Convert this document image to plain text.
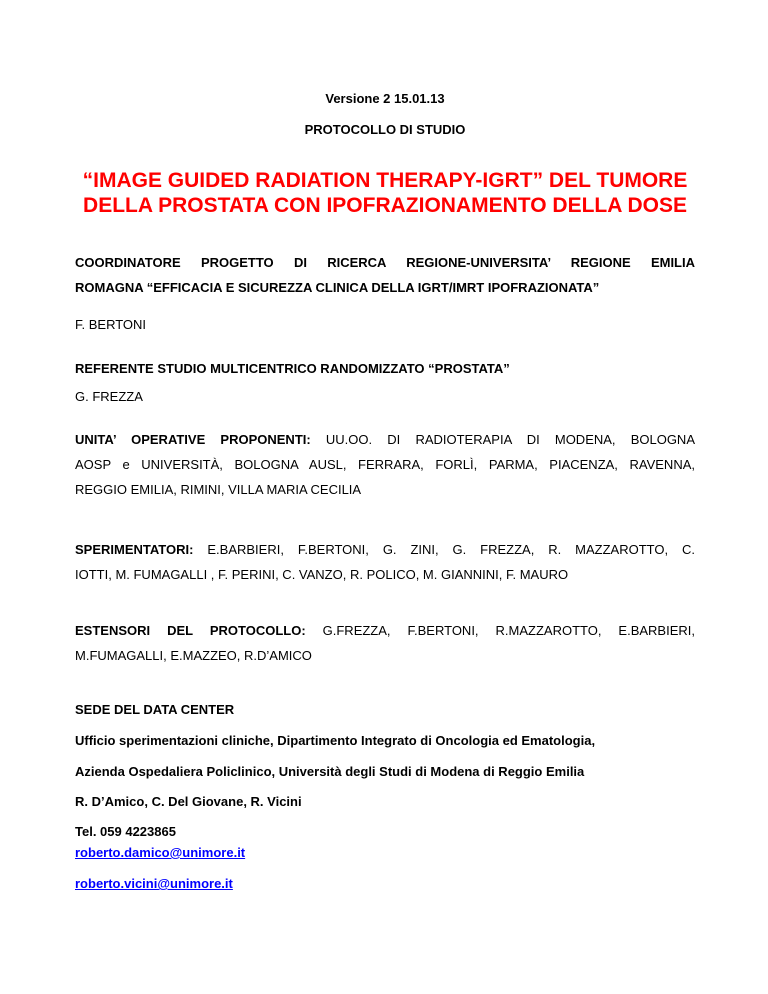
Versione 2 15.01.13
PROTOCOLLO DI STUDIO
“IMAGE GUIDED RADIATION THERAPY-IGRT” DEL TUMORE
DELLA PROSTATA CON IPOFRAZIONAMENTO DELLA DOSE
COORDINATORE PROGETTO DI RICERCA REGIONE-UNIVERSITA’ REGIONE EMILIA
ROMAGNA “EFFICACIA E SICUREZZA CLINICA DELLA IGRT/IMRT IPOFRAZIONATA”
F. BERTONI
REFERENTE STUDIO MULTICENTRICO RANDOMIZZATO “PROSTATA”
G. FREZZA
UNITA’ OPERATIVE PROPONENTI: UU.OO. DI RADIOTERAPIA DI MODENA, BOLOGNA
AOSP e UNIVERSITÀ, BOLOGNA AUSL, FERRARA, FORLÌ, PARMA, PIACENZA, RAVENNA,
REGGIO EMILIA, RIMINI, VILLA MARIA CECILIA
SPERIMENTATORI: E.BARBIERI, F.BERTONI, G. ZINI, G. FREZZA, R. MAZZAROTTO, C.
IOTTI, M. FUMAGALLI , F. PERINI, C. VANZO, R. POLICO, M. GIANNINI, F. MAURO
ESTENSORI DEL PROTOCOLLO: G.FREZZA, F.BERTONI, R.MAZZAROTTO, E.BARBIERI,
M.FUMAGALLI, E.MAZZEO, R.D’AMICO
SEDE DEL DATA CENTER
Ufficio sperimentazioni cliniche, Dipartimento Integrato di Oncologia ed Ematologia,
Azienda Ospedaliera Policlinico, Università degli Studi di Modena di Reggio Emilia
R. D’Amico, C. Del Giovane, R. Vicini
Tel. 059 4223865
roberto.damico@unimore.it
roberto.vicini@unimore.it
